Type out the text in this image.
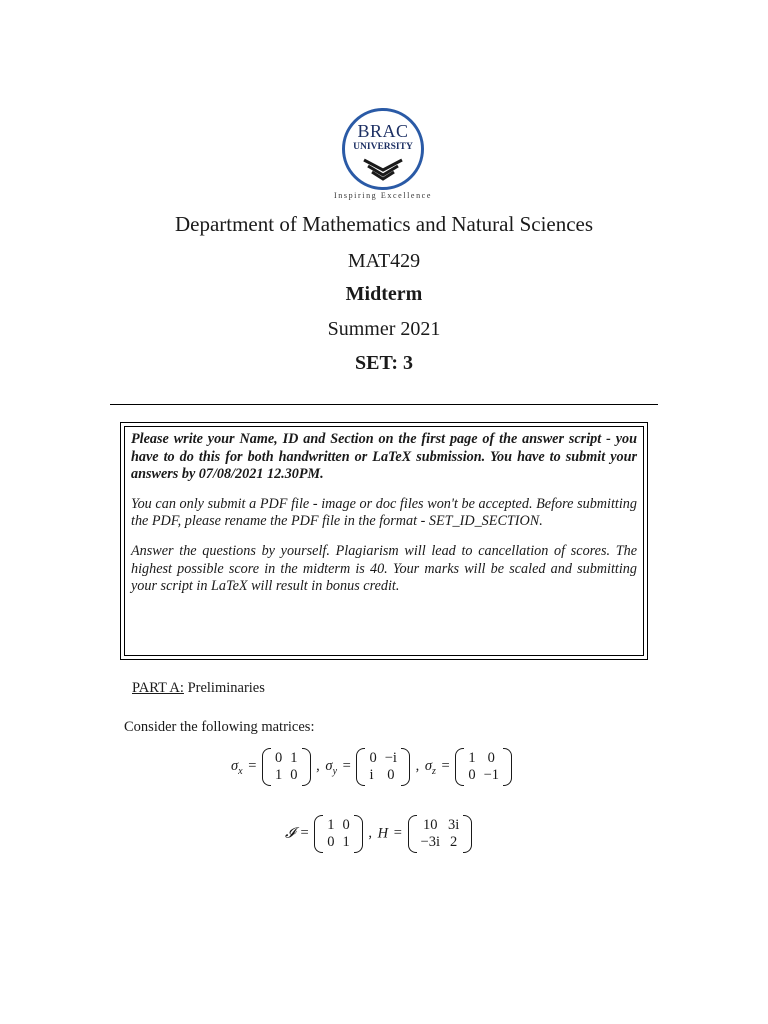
BRAC
UNIVERSITY
Inspiring Excellence
Department of Mathematics and Natural Sciences
MAT429
Midterm
Summer 2021
SET: 3

Please write your Name, ID and Section on the first page of the answer script - you have to do this for both handwritten or LaTeX submission. You have to submit your answers by 07/08/2021 12.30PM.

You can only submit a PDF file - image or doc files won't be accepted. Before submitting the PDF, please rename the PDF file in the format - SET_ID_SECTION.

Answer the questions by yourself. Plagiarism will lead to cancellation of scores. The highest possible score in the midterm is 40. Your marks will be scaled and submitting your script in LaTeX will result in bonus credit.

PART A: Preliminaries
Consider the following matrices:
$\sigma_x$ =
0	1
1	0
, $\sigma_y$ =
0	−i
i	0
, $\sigma_z$ =
1	0
0	−1
𝓘 =
1	0
0	1
, H =
10	3i
−3i	2
